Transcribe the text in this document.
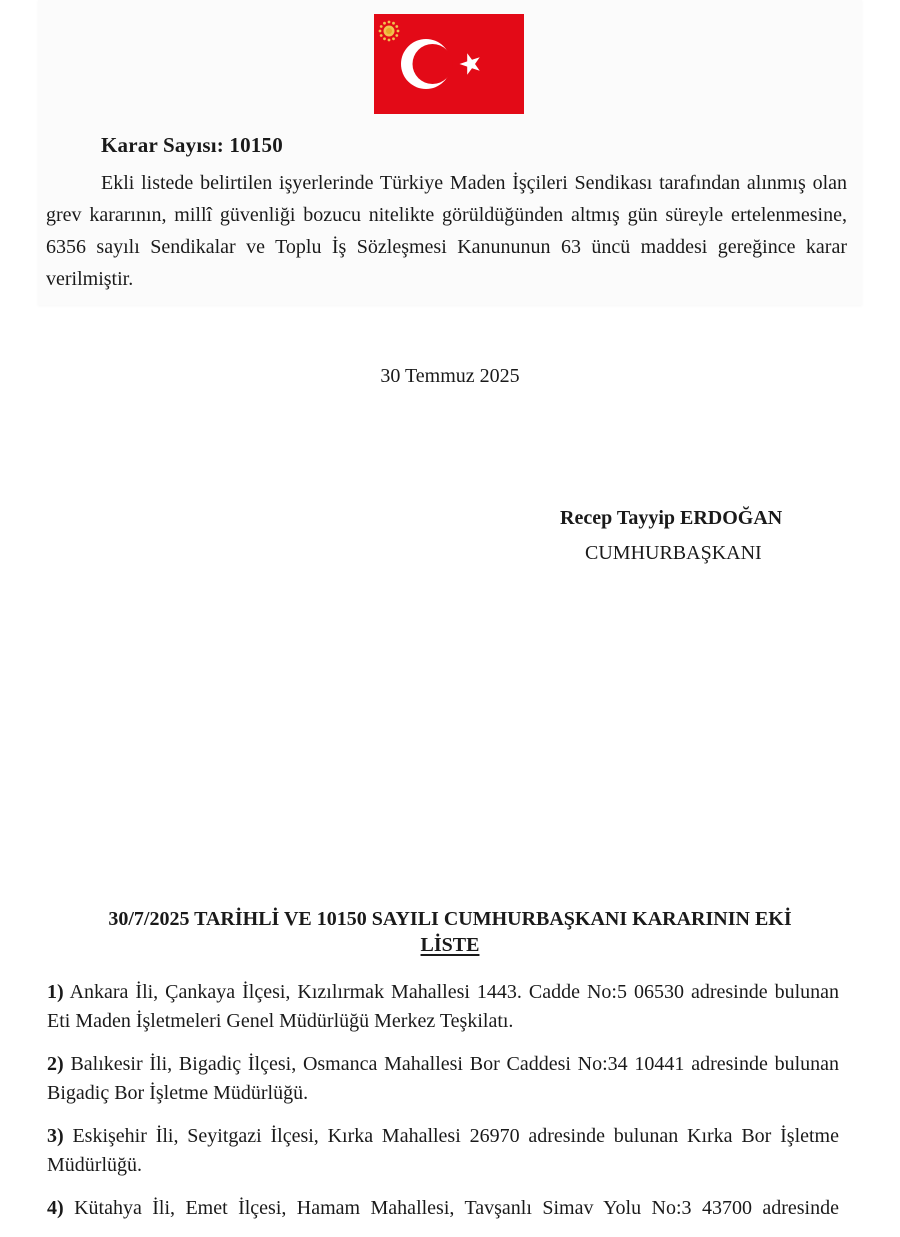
Karar Sayısı: 10150

Ekli listede belirtilen işyerlerinde Türkiye Maden İşçileri Sendikası tarafından alınmış olan grev kararının, millî güvenliği bozucu nitelikte görüldüğünden altmış gün süreyle ertelenmesine, 6356 sayılı Sendikalar ve Toplu İş Sözleşmesi Kanununun 63 üncü maddesi gereğince karar verilmiştir.

30 Temmuz 2025
Recep Tayyip ERDOĞAN
CUMHURBAŞKANI
30/7/2025 TARİHLİ VE 10150 SAYILI CUMHURBAŞKANI KARARININ EKİ
LİSTE
1) Ankara İli, Çankaya İlçesi, Kızılırmak Mahallesi 1443. Cadde No:5 06530 adresinde bulunan Eti Maden İşletmeleri Genel Müdürlüğü Merkez Teşkilatı.
2) Balıkesir İli, Bigadiç İlçesi, Osmanca Mahallesi Bor Caddesi No:34 10441 adresinde bulunan Bigadiç Bor İşletme Müdürlüğü.
3) Eskişehir İli, Seyitgazi İlçesi, Kırka Mahallesi 26970 adresinde bulunan Kırka Bor İşletme Müdürlüğü.
4) Kütahya İli, Emet İlçesi, Hamam Mahallesi, Tavşanlı Simav Yolu No:3 43700 adresinde
